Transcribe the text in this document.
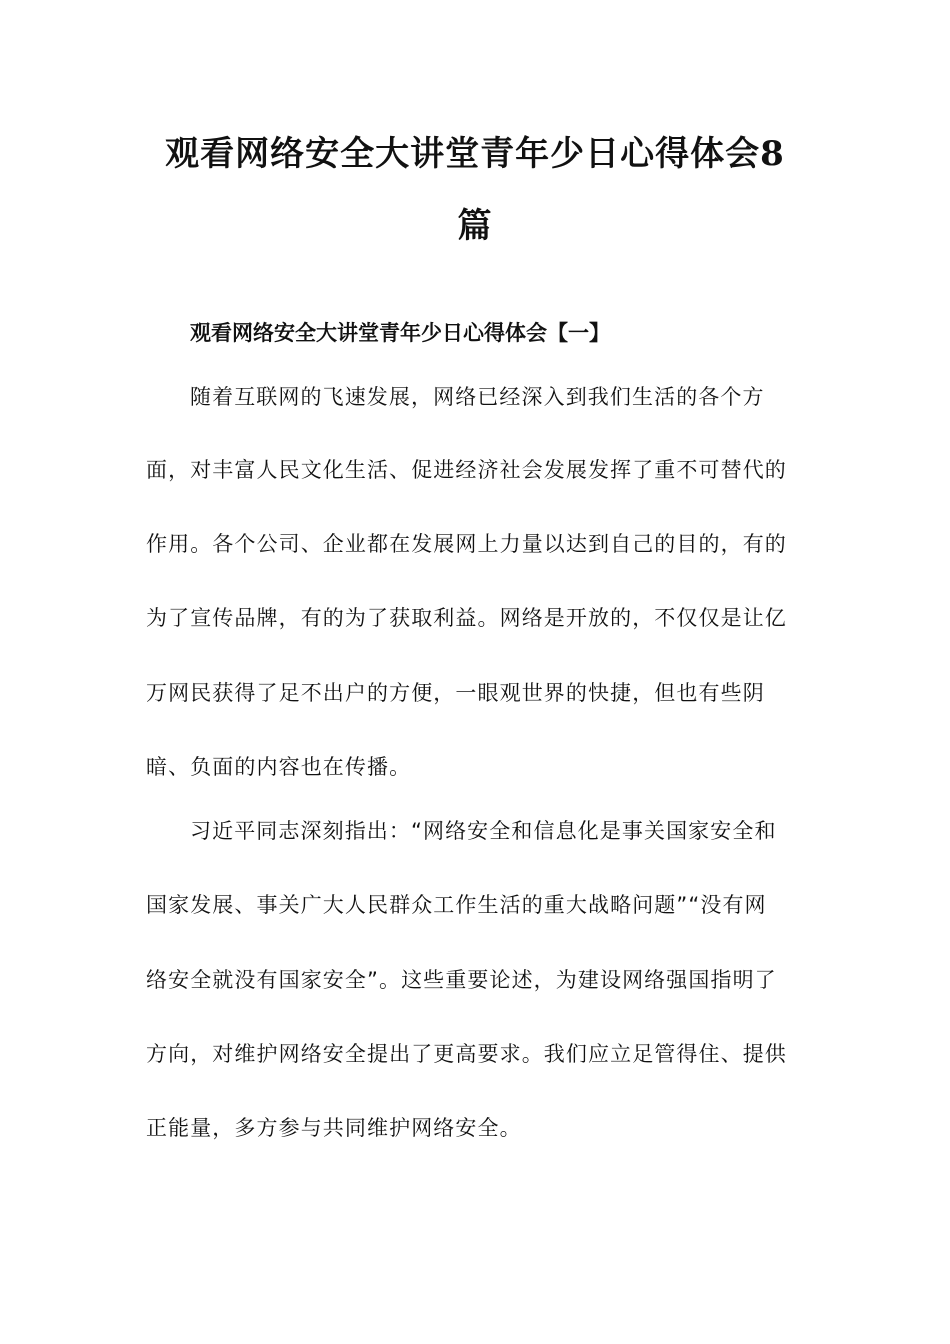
观看网络安全大讲堂青年少日心得体会8
篇
观看网络安全大讲堂青年少日心得体会【一】
随着互联网的飞速发展，网络已经深入到我们生活的各个方
面，对丰富人民文化生活、促进经济社会发展发挥了重不可替代的
作用。各个公司、企业都在发展网上力量以达到自己的目的，有的
为了宣传品牌，有的为了获取利益。网络是开放的，不仅仅是让亿
万网民获得了足不出户的方便，一眼观世界的快捷，但也有些阴
暗、负面的内容也在传播。
习近平同志深刻指出：“网络安全和信息化是事关国家安全和
国家发展、事关广大人民群众工作生活的重大战略问题”“没有网
络安全就没有国家安全”。这些重要论述，为建设网络强国指明了
方向，对维护网络安全提出了更高要求。我们应立足管得住、提供
正能量，多方参与共同维护网络安全。
